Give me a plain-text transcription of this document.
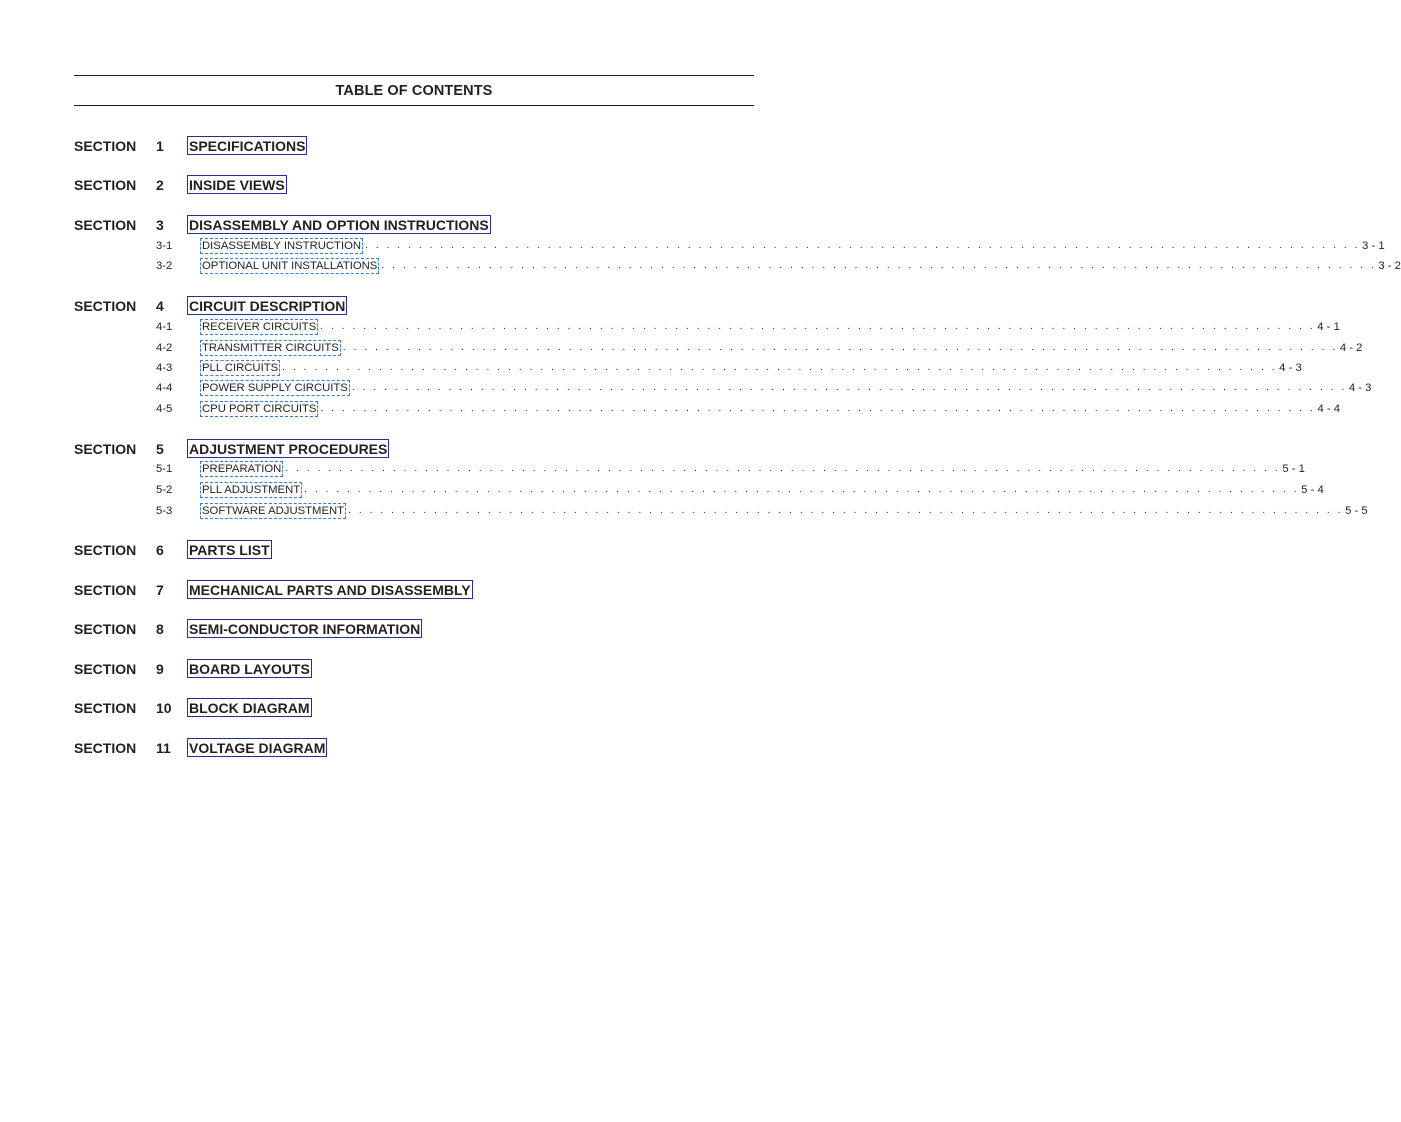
TABLE OF CONTENTS
SECTION 1 SPECIFICATIONS
SECTION 2 INSIDE VIEWS
SECTION 3 DISASSEMBLY AND OPTION INSTRUCTIONS
3-1	DISASSEMBLY INSTRUCTION . . . . . . . . . . . . . . . . . . . . . . . . . . . . . . . . . . . . . . . . . . . . . . . . . . . . . . . . . . . . . . . . . . . . . . . . . . . . . . . . . . . . . . . . . . . . . 3 - 1
3-2	OPTIONAL UNIT INSTALLATIONS . . . . . . . . . . . . . . . . . . . . . . . . . . . . . . . . . . . . . . . . . . . . . . . . . . . . . . . . . . . . . . . . . . . . . . . . . . . . . . . . . . . . . . . . . . . . . 3 - 2
SECTION 4 CIRCUIT DESCRIPTION
4-1	RECEIVER CIRCUITS . . . . . . . . . . . . . . . . . . . . . . . . . . . . . . . . . . . . . . . . . . . . . . . . . . . . . . . . . . . . . . . . . . . . . . . . . . . . . . . . . . . . . . . . . . . . . 4 - 1
4-2	TRANSMITTER CIRCUITS . . . . . . . . . . . . . . . . . . . . . . . . . . . . . . . . . . . . . . . . . . . . . . . . . . . . . . . . . . . . . . . . . . . . . . . . . . . . . . . . . . . . . . . . . . . . . 4 - 2
4-3	PLL CIRCUITS . . . . . . . . . . . . . . . . . . . . . . . . . . . . . . . . . . . . . . . . . . . . . . . . . . . . . . . . . . . . . . . . . . . . . . . . . . . . . . . . . . . . . . . . . . . . . 4 - 3
4-4	POWER SUPPLY CIRCUITS . . . . . . . . . . . . . . . . . . . . . . . . . . . . . . . . . . . . . . . . . . . . . . . . . . . . . . . . . . . . . . . . . . . . . . . . . . . . . . . . . . . . . . . . . . . . . 4 - 3
4-5	CPU PORT CIRCUITS . . . . . . . . . . . . . . . . . . . . . . . . . . . . . . . . . . . . . . . . . . . . . . . . . . . . . . . . . . . . . . . . . . . . . . . . . . . . . . . . . . . . . . . . . . . . . 4 - 4
SECTION 5 ADJUSTMENT PROCEDURES
5-1	PREPARATION . . . . . . . . . . . . . . . . . . . . . . . . . . . . . . . . . . . . . . . . . . . . . . . . . . . . . . . . . . . . . . . . . . . . . . . . . . . . . . . . . . . . . . . . . . . . . 5 - 1
5-2	PLL ADJUSTMENT . . . . . . . . . . . . . . . . . . . . . . . . . . . . . . . . . . . . . . . . . . . . . . . . . . . . . . . . . . . . . . . . . . . . . . . . . . . . . . . . . . . . . . . . . . . . . 5 - 4
5-3	SOFTWARE ADJUSTMENT . . . . . . . . . . . . . . . . . . . . . . . . . . . . . . . . . . . . . . . . . . . . . . . . . . . . . . . . . . . . . . . . . . . . . . . . . . . . . . . . . . . . . . . . . . . . . 5 - 5
SECTION 6 PARTS LIST
SECTION 7 MECHANICAL PARTS AND DISASSEMBLY
SECTION 8 SEMI-CONDUCTOR INFORMATION
SECTION 9 BOARD LAYOUTS
SECTION 10 BLOCK DIAGRAM
SECTION 11 VOLTAGE DIAGRAM
